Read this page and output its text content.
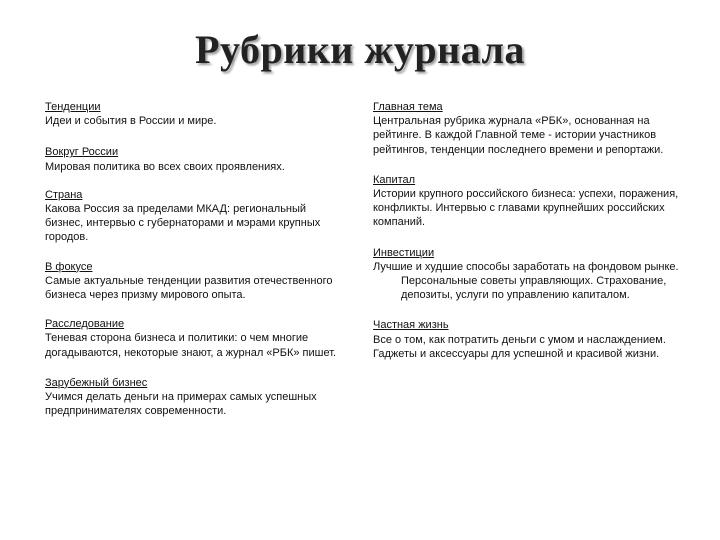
Рубрики журнала
Тенденции
Идеи и события в России и мире.
Вокруг России
Мировая политика во всех своих проявлениях.
Страна
Какова Россия за пределами МКАД: региональный бизнес, интервью с губернаторами и мэрами крупных городов.
В фокусе
Самые актуальные тенденции развития отечественного бизнеса через призму мирового опыта.
Расследование
Теневая сторона бизнеса и политики: о чем многие догадываются, некоторые знают, а журнал «РБК» пишет.
Зарубежный бизнес
Учимся делать деньги на примерах самых успешных предпринимателях современности.
Главная тема
Центральная рубрика журнала «РБК», основанная на рейтинге. В каждой Главной теме - истории участников рейтингов, тенденции последнего времени и репортажи.
Капитал
Истории крупного российского бизнеса: успехи, поражения, конфликты. Интервью с главами крупнейших российских компаний.
Инвестиции
Лучшие и худшие способы заработать на фондовом рынке. Персональные советы управляющих. Страхование, депозиты, услуги по управлению капиталом.
Частная жизнь
Все о том, как потратить деньги с умом и наслаждением. Гаджеты и аксессуары для успешной и красивой жизни.
